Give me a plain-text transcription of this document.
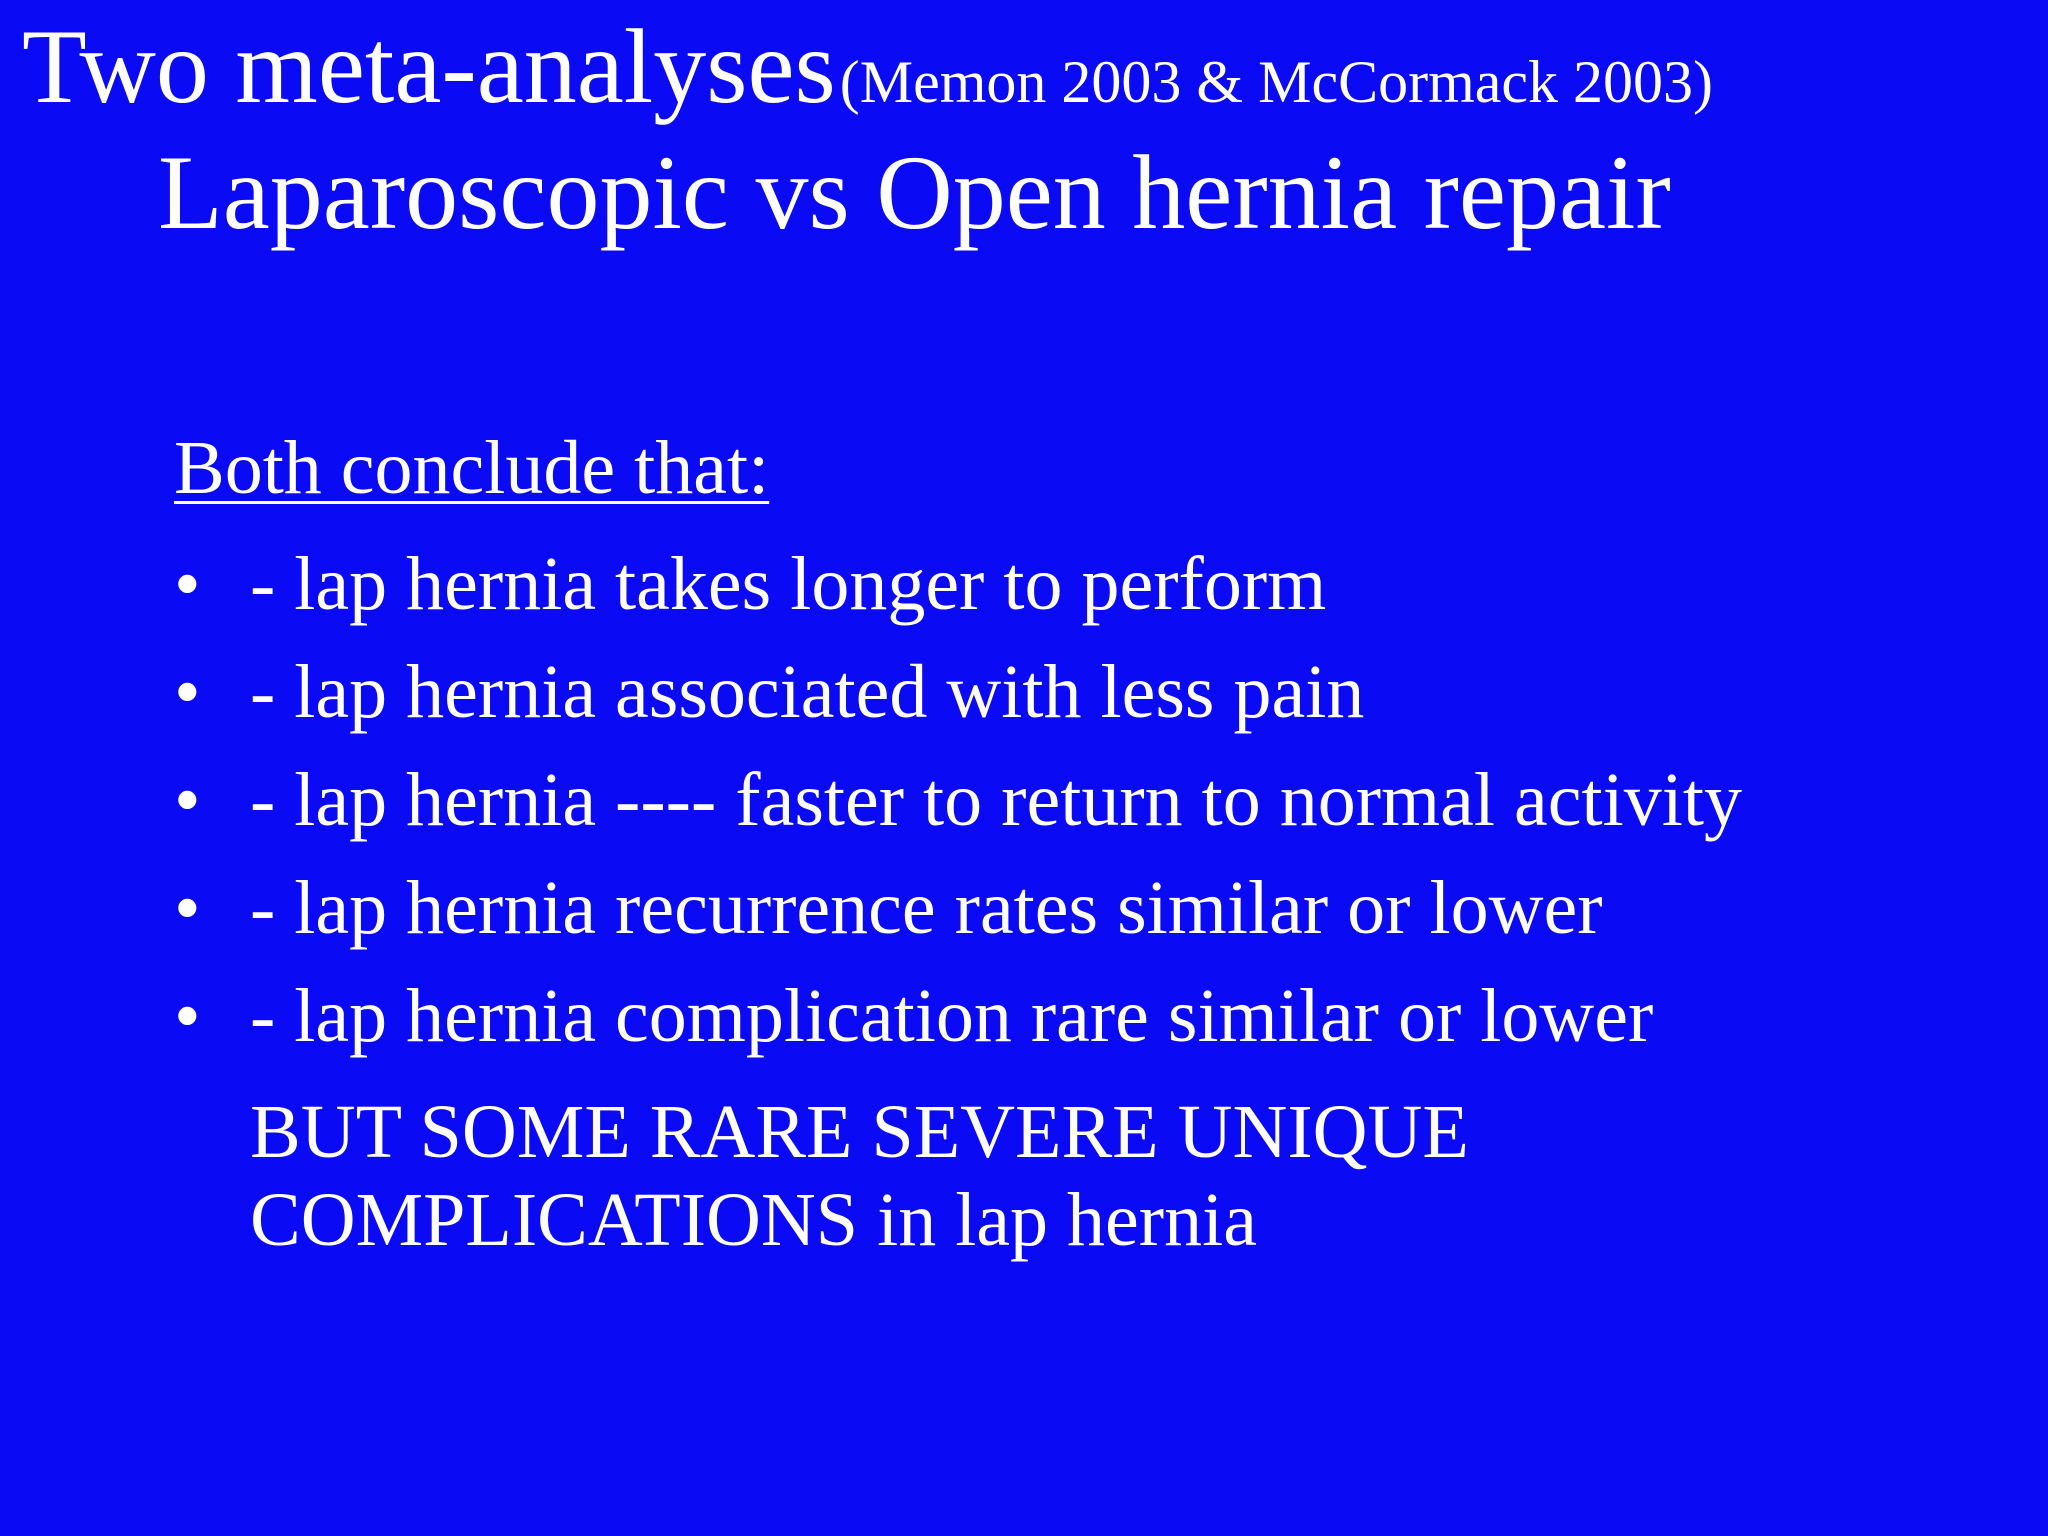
Two meta-analyses (Memon 2003 & McCormack 2003)
Laparoscopic vs Open hernia repair
Both conclude that:
• - lap hernia takes longer to perform
• - lap hernia associated with less pain
• - lap hernia ---- faster to return to normal activity
• - lap hernia recurrence rates similar or lower
• - lap hernia complication rare similar or lower
BUT SOME RARE SEVERE UNIQUE
COMPLICATIONS in lap hernia
